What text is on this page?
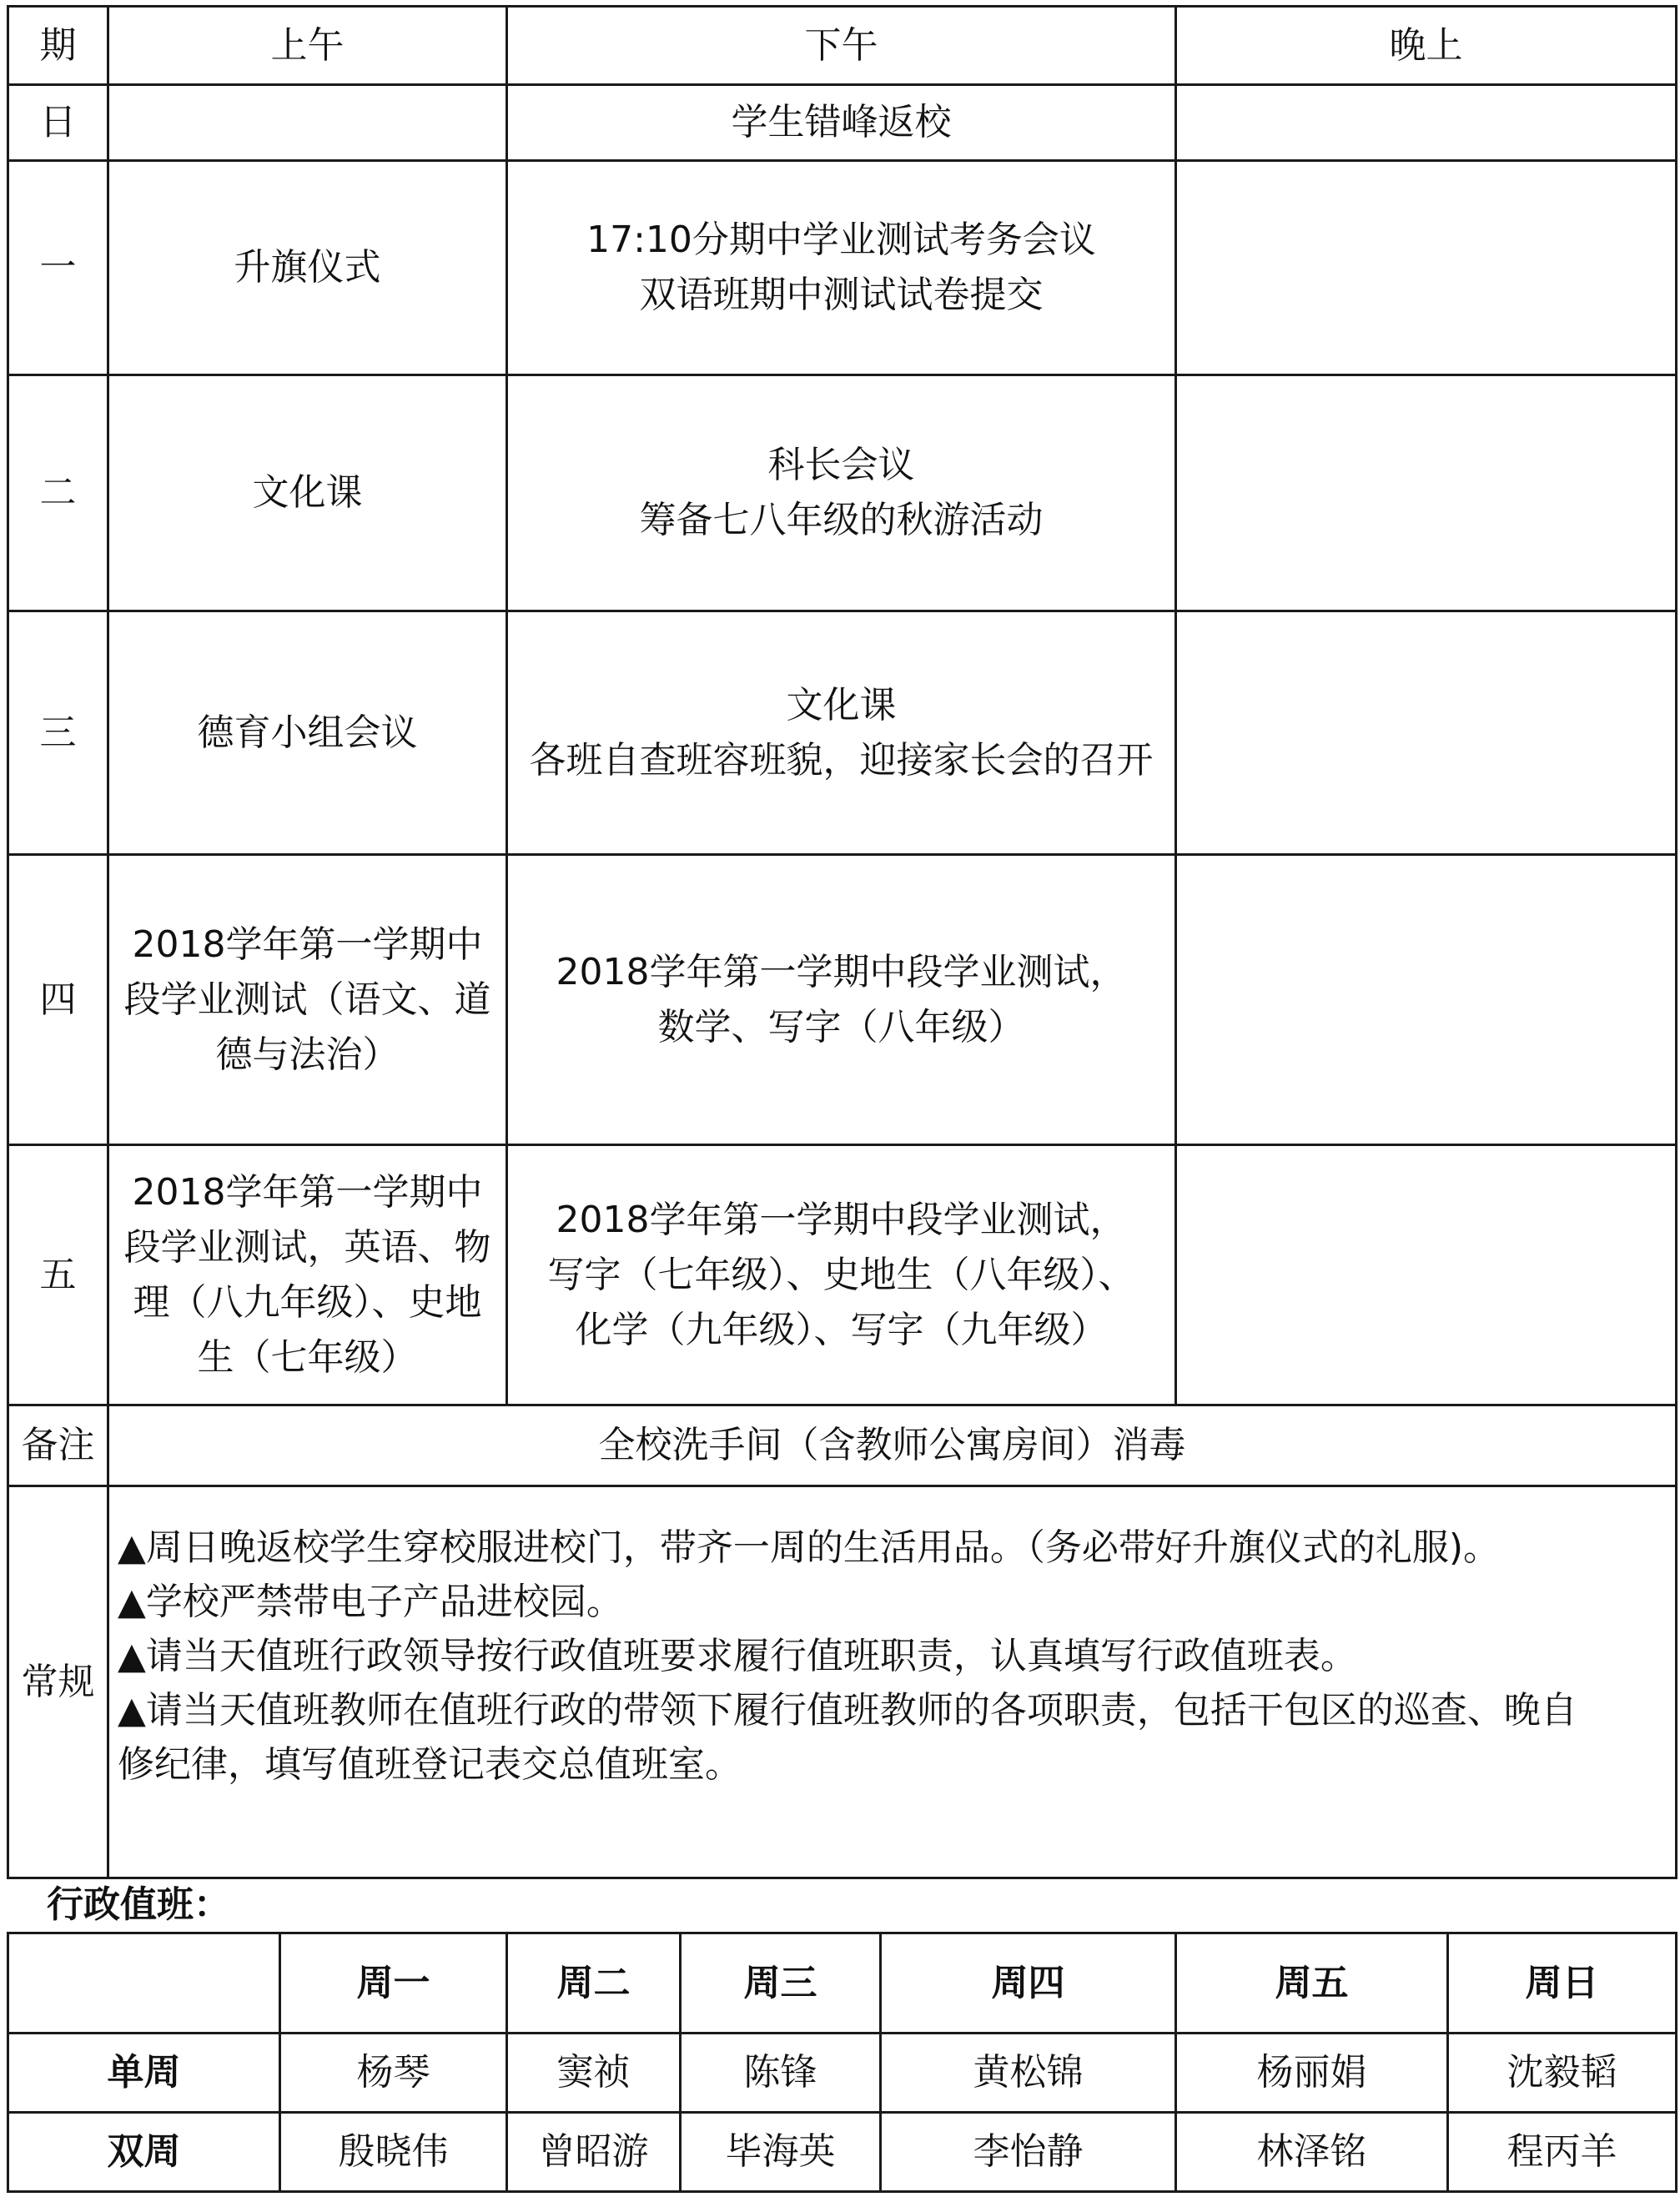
期	上午	下午	晚上
日		学生错峰返校	

一	升旗仪式	17:10分期中学业测试考务会议
双语班期中测试试卷提交	

二	文化课	科长会议
筹备七八年级的秋游活动	

三	德育小组会议	文化课
各班自查班容班貌，迎接家长会的召开	

四	2018学年第一学期中
段学业测试（语文、道
德与法治）	2018学年第一学期中段学业测试，
数学、写字（八年级）	

五	2018学年第一学期中
段学业测试，英语、物
理（八九年级）、史地
生（七年级）	2018学年第一学期中段学业测试，
写字（七年级）、史地生（八年级）、
化学（九年级）、写字（九年级）	

备注	全校洗手间（含教师公寓房间）消毒		
常规	▲周日晚返校学生穿校服进校门，带齐一周的生活用品。（务必带好升旗仪式的礼服)。
▲学校严禁带电子产品进校园。
▲请当天值班行政领导按行政值班要求履行值班职责，认真填写行政值班表。
▲请当天值班教师在值班行政的带领下履行值班教师的各项职责，包括干包区的巡查、晚自
修纪律，填写值班登记表交总值班室。		
行政值班：
	周一	周二	周三	周四	周五	周日
单周	杨琴	窦祯	陈锋	黄松锦	杨丽娟	沈毅韬
双周	殷晓伟	曾昭游	毕海英	李怡静	林泽铭	程丙羊
